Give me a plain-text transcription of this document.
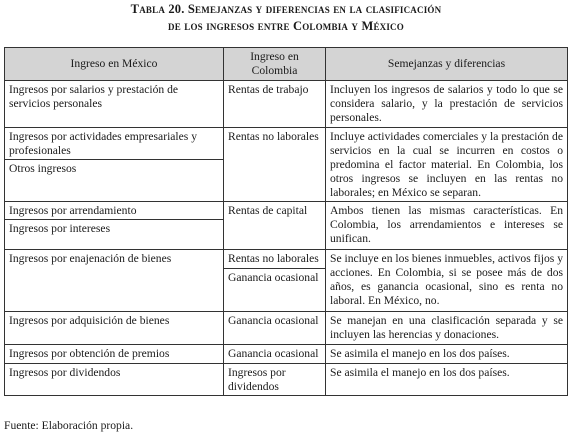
Tabla 20. Semejanzas y diferencias en la clasificación
de los ingresos entre Colombia y México
Ingreso en México	Ingreso en Colombia	Semejanzas y diferencias
Ingresos por salarios y prestación de servicios personales	Rentas de trabajo	Incluyen los ingresos de salarios y todo lo que se considera salario, y la prestación de servicios personales.
Ingresos por actividades empresariales y profesionales	Rentas no laborales	Incluye actividades comerciales y la prestación de servicios en la cual se incurren en costos o predomina el factor material. En Colombia, los otros ingresos se incluyen en las rentas no laborales; en México se separan.
Otros ingresos		
Ingresos por arrendamiento	Rentas de capital	Ambos tienen las mismas características. En Colombia, los arrendamientos e intereses se unifican.
Ingresos por intereses		
Ingresos por enajenación de bienes	Rentas no laborales	Se incluye en los bienes inmuebles, activos fijos y acciones. En Colombia, si se posee más de dos años, es ganancia ocasional, sino es renta no laboral. En México, no.
	Ganancia ocasional	
Ingresos por adquisición de bienes	Ganancia ocasional	Se manejan en una clasificación separada y se incluyen las herencias y donaciones.
Ingresos por obtención de premios	Ganancia ocasional	Se asimila el manejo en los dos países.
Ingresos por dividendos	Ingresos por dividendos	Se asimila el manejo en los dos países.
Fuente: Elaboración propia.
